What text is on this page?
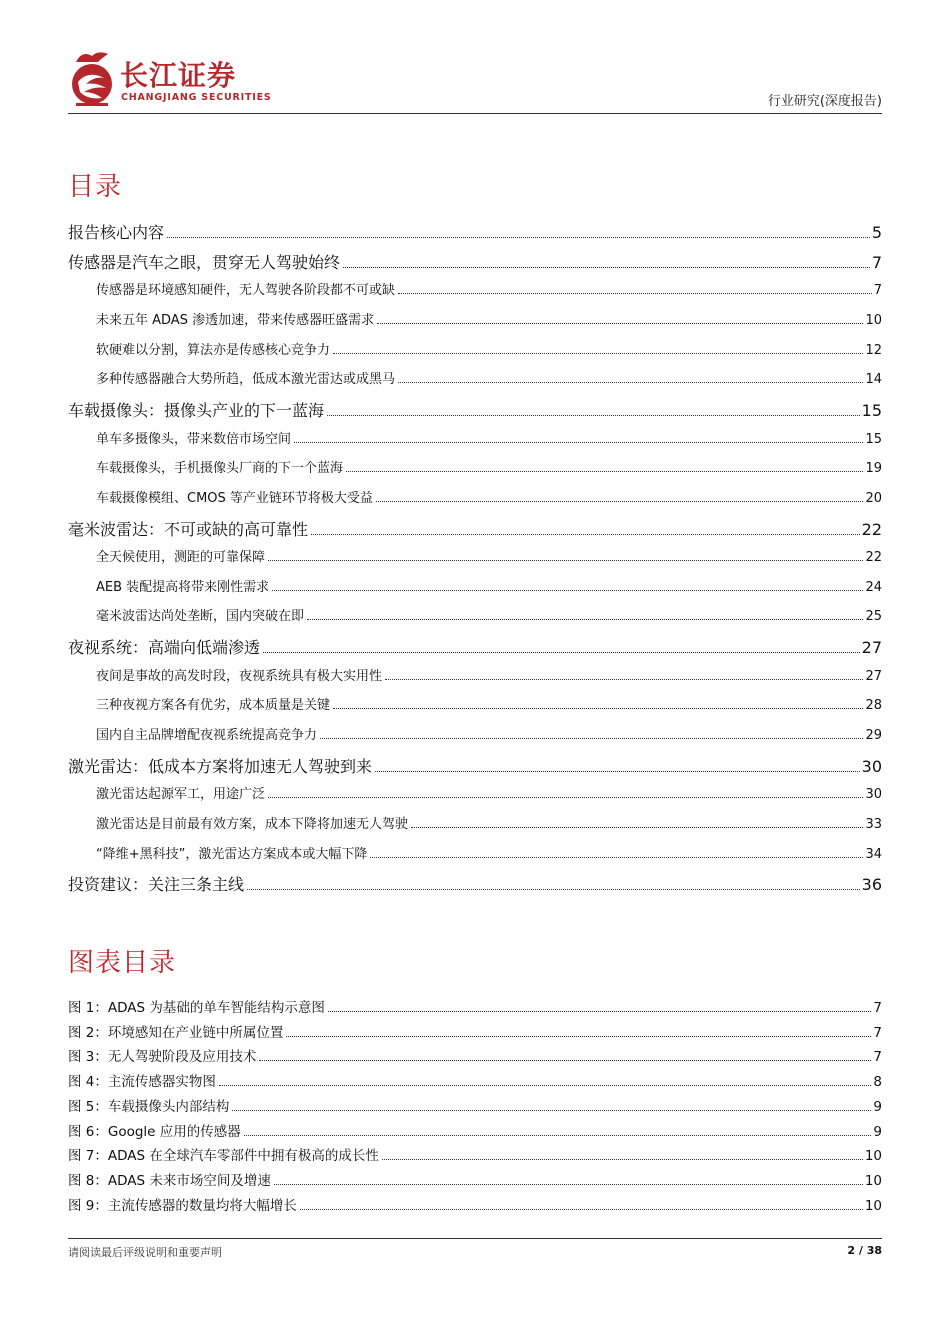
长江证券
CHANGJIANG SECURITIES	行业研究(深度报告)
目录
报告核心内容	5
传感器是汽车之眼，贯穿无人驾驶始终	7
传感器是环境感知硬件，无人驾驶各阶段都不可或缺	7
未来五年 ADAS 渗透加速，带来传感器旺盛需求	10
软硬难以分割，算法亦是传感核心竞争力	12
多种传感器融合大势所趋，低成本激光雷达或成黑马	14
车载摄像头：摄像头产业的下一蓝海	15
单车多摄像头，带来数倍市场空间	15
车载摄像头，手机摄像头厂商的下一个蓝海	19
车载摄像模组、CMOS 等产业链环节将极大受益	20
毫米波雷达：不可或缺的高可靠性	22
全天候使用，测距的可靠保障	22
AEB 装配提高将带来刚性需求	24
毫米波雷达尚处垄断，国内突破在即	25
夜视系统：高端向低端渗透	27
夜间是事故的高发时段，夜视系统具有极大实用性	27
三种夜视方案各有优劣，成本质量是关键	28
国内自主品牌增配夜视系统提高竞争力	29
激光雷达：低成本方案将加速无人驾驶到来	30
激光雷达起源军工，用途广泛	30
激光雷达是目前最有效方案，成本下降将加速无人驾驶	33
“降维+黑科技”，激光雷达方案成本或大幅下降	34
投资建议：关注三条主线	36
图表目录
图 1：ADAS 为基础的单车智能结构示意图	7
图 2：环境感知在产业链中所属位置	7
图 3：无人驾驶阶段及应用技术	7
图 4：主流传感器实物图	8
图 5：车载摄像头内部结构	9
图 6：Google 应用的传感器	9
图 7：ADAS 在全球汽车零部件中拥有极高的成长性	10
图 8：ADAS 未来市场空间及增速	10
图 9：主流传感器的数量均将大幅增长	10
请阅读最后评级说明和重要声明	2 / 38
